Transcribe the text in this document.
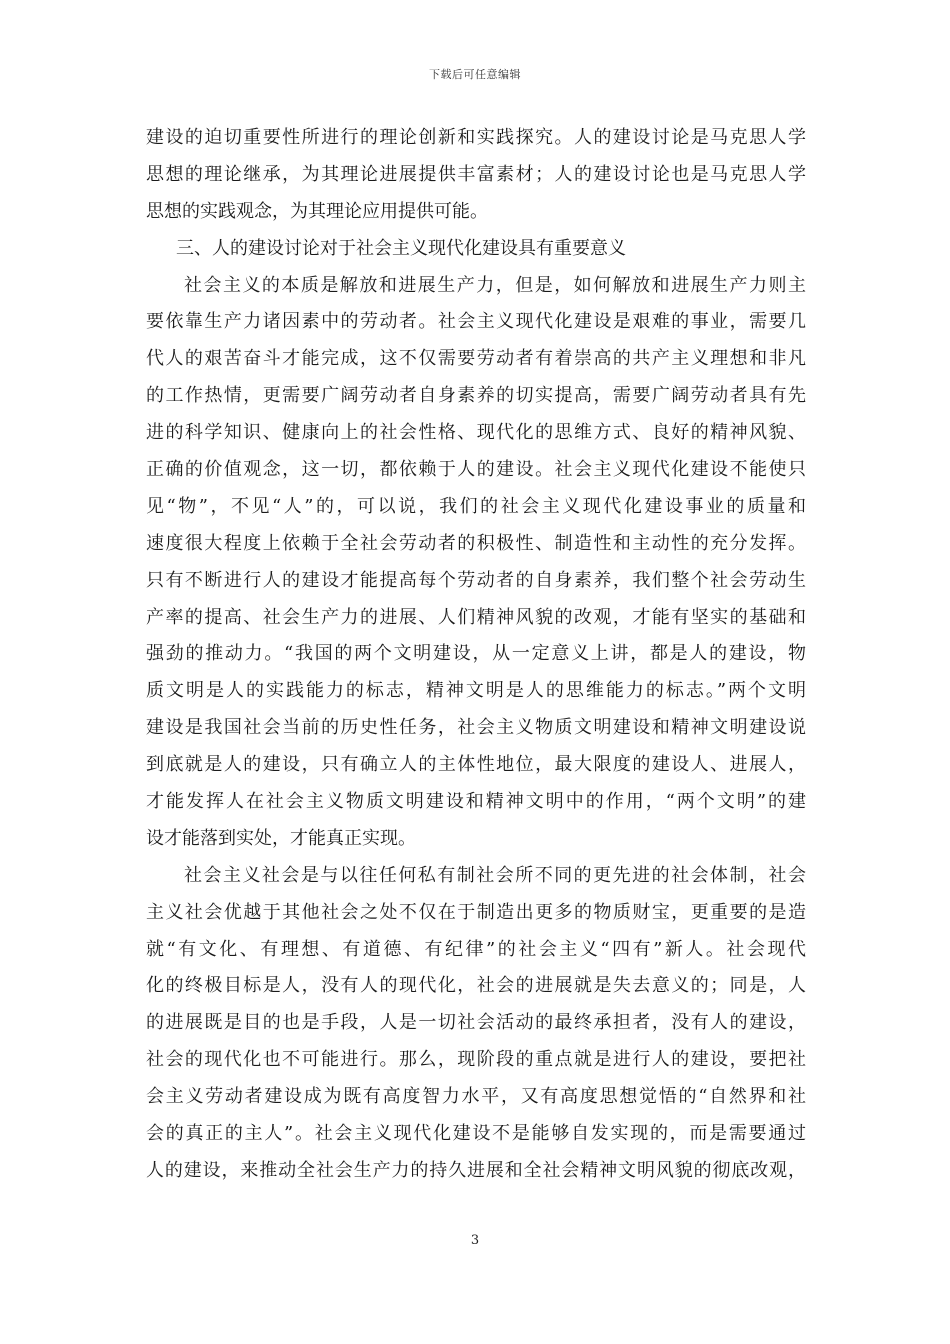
下载后可任意编辑
建设的迫切重要性所进行的理论创新和实践探究。人的建设讨论是马克思人学
思想的理论继承，为其理论进展提供丰富素材；人的建设讨论也是马克思人学
思想的实践观念，为其理论应用提供可能。
三、人的建设讨论对于社会主义现代化建设具有重要意义
社会主义的本质是解放和进展生产力，但是，如何解放和进展生产力则主
要依靠生产力诸因素中的劳动者。社会主义现代化建设是艰难的事业，需要几
代人的艰苦奋斗才能完成，这不仅需要劳动者有着崇高的共产主义理想和非凡
的工作热情，更需要广阔劳动者自身素养的切实提高，需要广阔劳动者具有先
进的科学知识、健康向上的社会性格、现代化的思维方式、良好的精神风貌、
正确的价值观念，这一切，都依赖于人的建设。社会主义现代化建设不能使只
见“物”，不见“人”的，可以说，我们的社会主义现代化建设事业的质量和
速度很大程度上依赖于全社会劳动者的积极性、制造性和主动性的充分发挥。
只有不断进行人的建设才能提高每个劳动者的自身素养，我们整个社会劳动生
产率的提高、社会生产力的进展、人们精神风貌的改观，才能有坚实的基础和
强劲的推动力。“我国的两个文明建设，从一定意义上讲，都是人的建设，物
质文明是人的实践能力的标志，精神文明是人的思维能力的标志。”两个文明
建设是我国社会当前的历史性任务，社会主义物质文明建设和精神文明建设说
到底就是人的建设，只有确立人的主体性地位，最大限度的建设人、进展人，
才能发挥人在社会主义物质文明建设和精神文明中的作用，“两个文明”的建
设才能落到实处，才能真正实现。
社会主义社会是与以往任何私有制社会所不同的更先进的社会体制，社会
主义社会优越于其他社会之处不仅在于制造出更多的物质财宝，更重要的是造
就“有文化、有理想、有道德、有纪律”的社会主义“四有”新人。社会现代
化的终极目标是人，没有人的现代化，社会的进展就是失去意义的；同是，人
的进展既是目的也是手段，人是一切社会活动的最终承担者，没有人的建设，
社会的现代化也不可能进行。那么，现阶段的重点就是进行人的建设，要把社
会主义劳动者建设成为既有高度智力水平，又有高度思想觉悟的“自然界和社
会的真正的主人”。社会主义现代化建设不是能够自发实现的，而是需要通过
人的建设，来推动全社会生产力的持久进展和全社会精神文明风貌的彻底改观，
3
